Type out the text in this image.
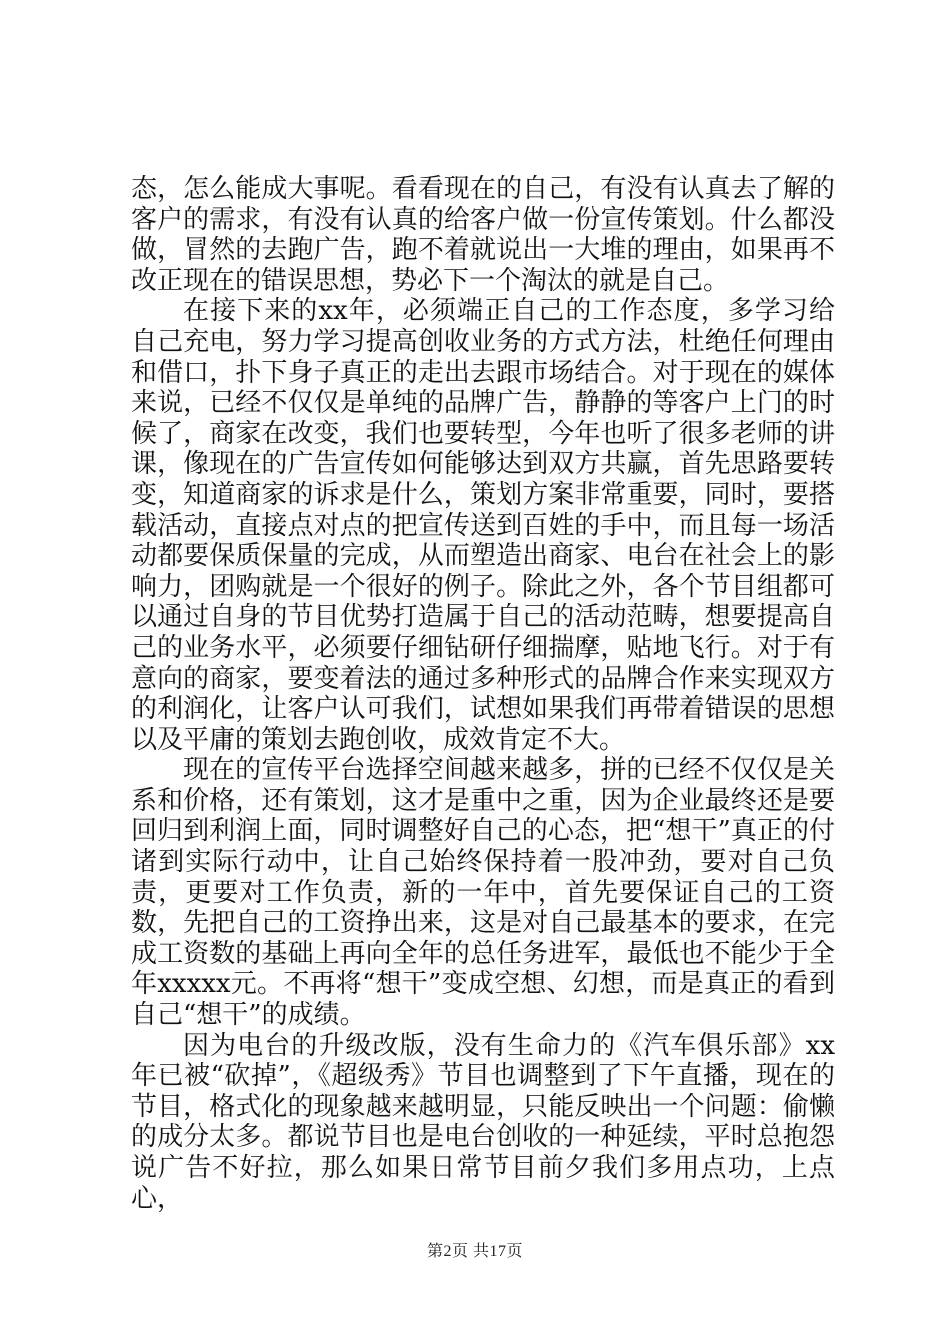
态，怎么能成大事呢。看看现在的自己，有没有认真去了解的客户的需求，有没有认真的给客户做一份宣传策划。什么都没做，冒然的去跑广告，跑不着就说出一大堆的理由，如果再不改正现在的错误思想，势必下一个淘汰的就是自己。

在接下来的xx年，必须端正自己的工作态度，多学习给自己充电，努力学习提高创收业务的方式方法，杜绝任何理由和借口，扑下身子真正的走出去跟市场结合。对于现在的媒体来说，已经不仅仅是单纯的品牌广告，静静的等客户上门的时候了，商家在改变，我们也要转型，今年也听了很多老师的讲课，像现在的广告宣传如何能够达到双方共赢，首先思路要转变，知道商家的诉求是什么，策划方案非常重要，同时，要搭载活动，直接点对点的把宣传送到百姓的手中，而且每一场活动都要保质保量的完成，从而塑造出商家、电台在社会上的影响力，团购就是一个很好的例子。除此之外，各个节目组都可以通过自身的节目优势打造属于自己的活动范畴，想要提高自己的业务水平，必须要仔细钻研仔细揣摩，贴地飞行。对于有意向的商家，要变着法的通过多种形式的品牌合作来实现双方的利润化，让客户认可我们，试想如果我们再带着错误的思想以及平庸的策划去跑创收，成效肯定不大。

现在的宣传平台选择空间越来越多，拼的已经不仅仅是关系和价格，还有策划，这才是重中之重，因为企业最终还是要回归到利润上面，同时调整好自己的心态，把“想干”真正的付诸到实际行动中，让自己始终保持着一股冲劲，要对自己负责，更要对工作负责，新的一年中，首先要保证自己的工资数，先把自己的工资挣出来，这是对自己最基本的要求，在完成工资数的基础上再向全年的总任务进军，最低也不能少于全年xxxxx元。不再将“想干”变成空想、幻想，而是真正的看到自己“想干”的成绩。

因为电台的升级改版，没有生命力的《汽车俱乐部》xx年已被“砍掉”，《超级秀》节目也调整到了下午直播，现在的节目，格式化的现象越来越明显，只能反映出一个问题：偷懒的成分太多。都说节目也是电台创收的一种延续，平时总抱怨说广告不好拉，那么如果日常节目前夕我们多用点功，上点心，

第2页 共17页
